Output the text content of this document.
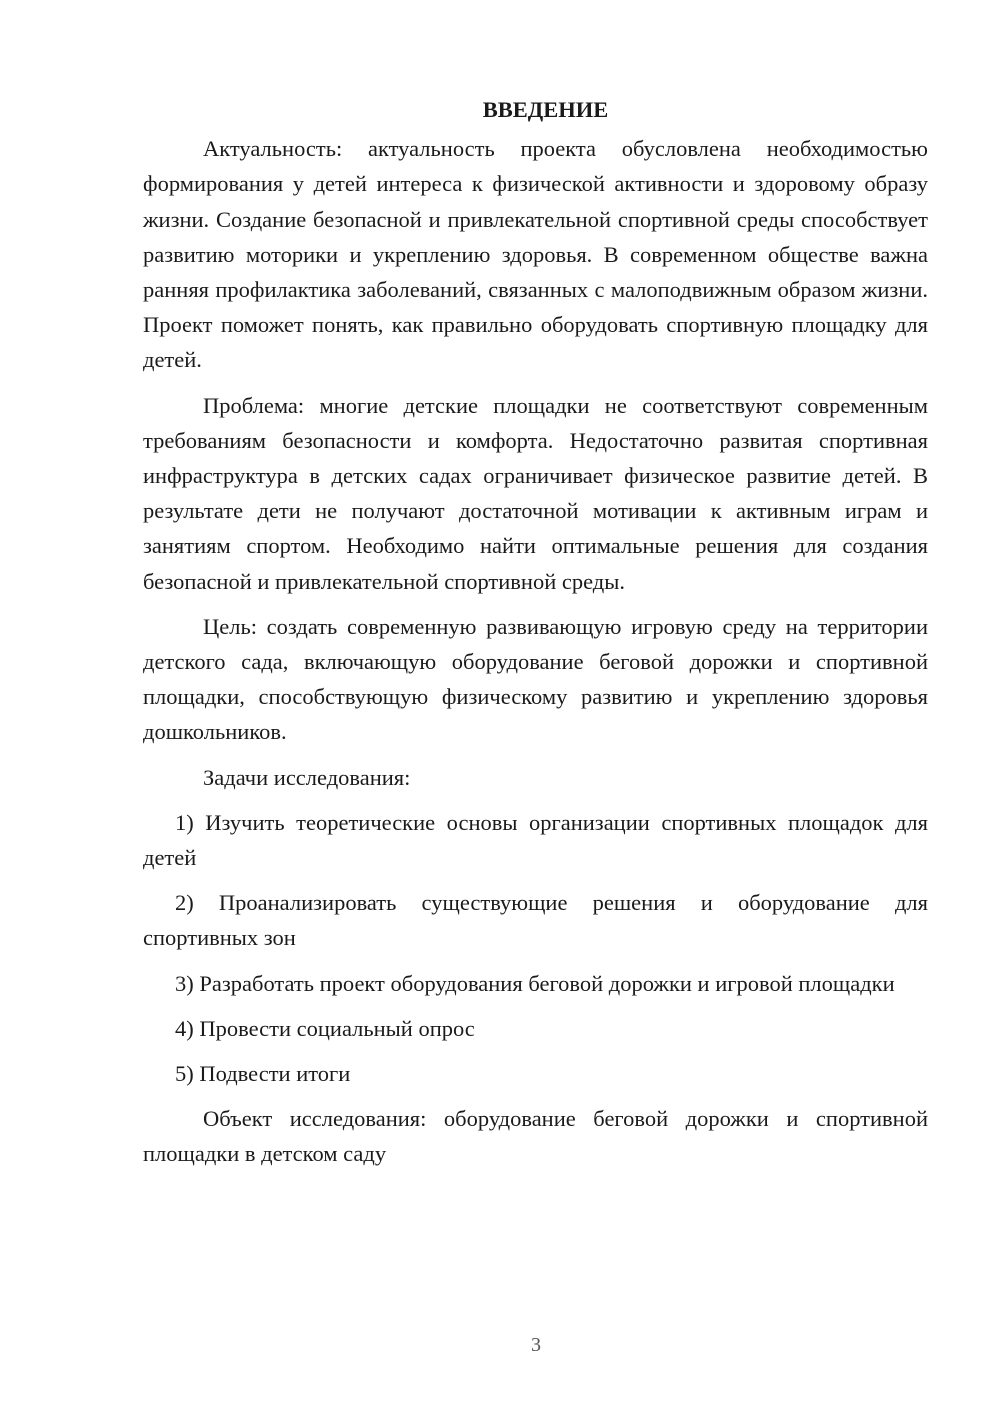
ВВЕДЕНИЕ

Актуальность: актуальность проекта обусловлена необходимостью формирования у детей интереса к физической активности и здоровому образу жизни. Создание безопасной и привлекательной спортивной среды способствует развитию моторики и укреплению здоровья. В современном обществе важна ранняя профилактика заболеваний, связанных с малоподвижным образом жизни. Проект поможет понять, как правильно оборудовать спортивную площадку для детей.

Проблема: многие детские площадки не соответствуют современным требованиям безопасности и комфорта. Недостаточно развитая спортивная инфраструктура в детских садах ограничивает физическое развитие детей. В результате дети не получают достаточной мотивации к активным играм и занятиям спортом. Необходимо найти оптимальные решения для создания безопасной и привлекательной спортивной среды.

Цель: создать современную развивающую игровую среду на территории детского сада, включающую оборудование беговой дорожки и спортивной площадки, способствующую физическому развитию и укреплению здоровья дошкольников.

Задачи исследования:

1) Изучить теоретические основы организации спортивных площадок для детей

2) Проанализировать существующие решения и оборудование для спортивных зон

3) Разработать проект оборудования беговой дорожки и игровой площадки

4) Провести социальный опрос

5) Подвести итоги

Объект исследования: оборудование беговой дорожки и спортивной площадки в детском саду

3
